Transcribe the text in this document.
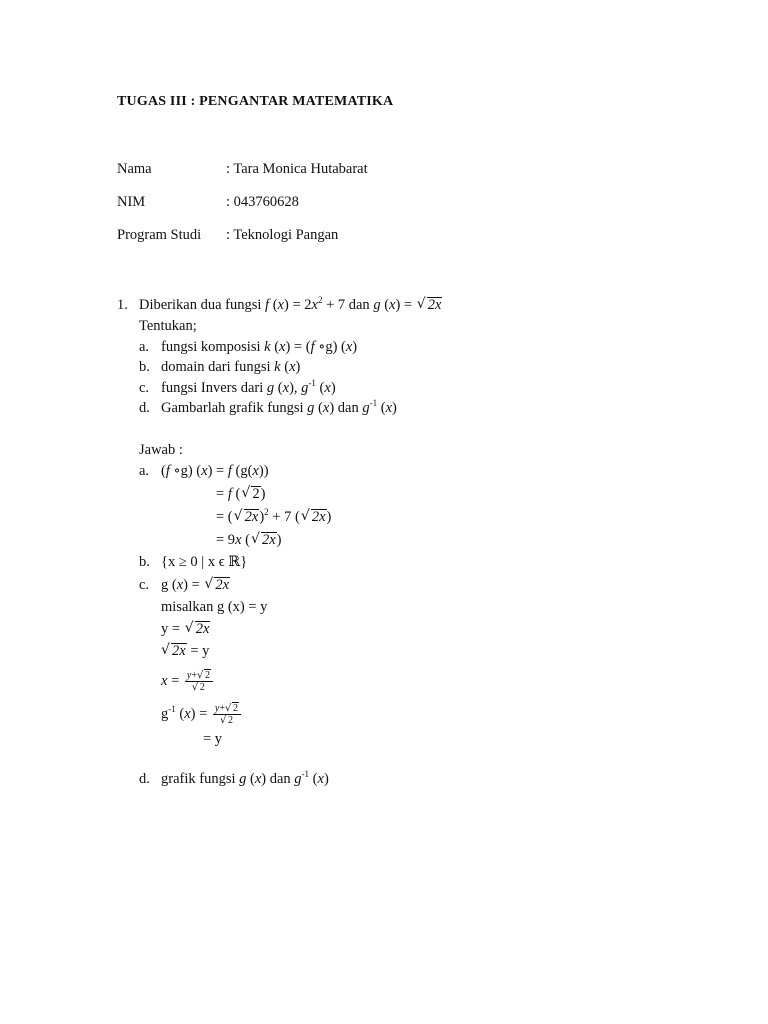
TUGAS III : PENGANTAR MATEMATIKA
Nama	: Tara Monica Hutabarat
NIM	: 043760628
Program Studi : Teknologi Pangan
1. Diberikan dua fungsi f $(x) = 2x^2 + 7$ dan g (x) = √ 2x
Tentukan;
a. fungsi komposisi k (x) = (f ∘g) (x)
b. domain dari fungsi k (x)
c. fungsi Invers dari g (x), $g^{-1}$ (x)
d. Gambarlah grafik fungsi g (x) dan $g^{-1}$ (x)
Jawab :
a. (f ∘g) (x) = f (g(x))
= f ( √ 2)
= ( √ 2x)$^2$ + 7 ( √ 2x)
= 9x ( √ 2x)
b. {x ≥ 0 | x ϵ ℝ}
c. g (x) = √ 2x
misalkan g (x) = y
y = √ 2x
√ 2x = y
$x = \frac{y+ √ 2}{√ 2}$
$g^{-1}$ $(x) = \frac{y+ √ 2}{√ 2}$
= y
d. grafik fungsi g (x) dan $g^{-1}$ (x)
